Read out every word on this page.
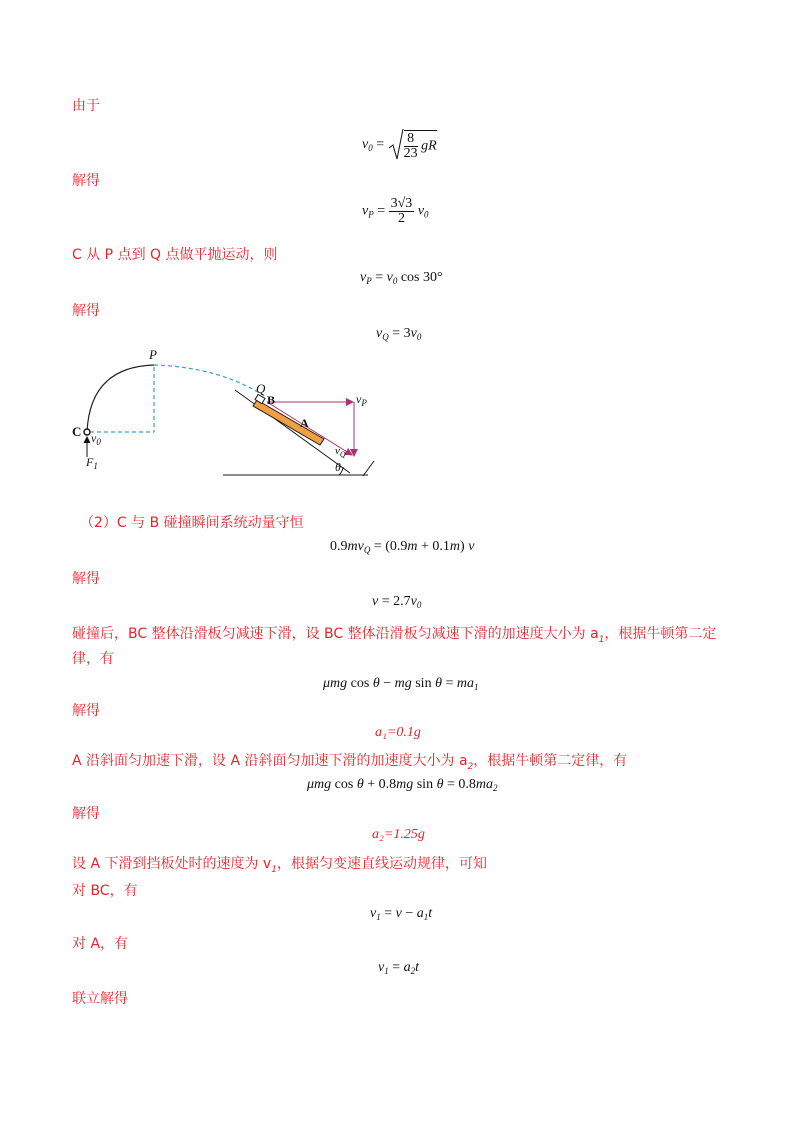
由于
$v_0 = \frac{8}{23}$ gR
解得
$v_P = \frac{3√3}{2} v_0$
C 从 P 点到 Q 点做平抛运动，则
$v_P = v_0$ cos 30°
解得
$v_Q = 3v_0$
P
Q
B
A
C
$v_P$
$v_0$
$v_Q$
$F_1$	θ
（2）C 与 B 碰撞瞬间系统动量守恒
$0.9mv_Q = (0.9m + 0.1m)$ v
解得
$v = 2.7v_0$
碰撞后，BC 整体沿滑板匀减速下滑，设 BC 整体沿滑板匀减速下滑的加速度大小为 $a_1$，根据牛顿第二定
律，有
μmg cos θ − mg $\sin \theta = ma_1$
解得
a₁=0.1g
A 沿斜面匀加速下滑，设 A 沿斜面匀加速下滑的加速度大小为 $a_2$，根据牛顿第二定律，有
μmg cos θ + 0.8mg $\sin \theta = 0.8ma_2$
解得
a₂=1.25g
设 A 下滑到挡板处时的速度为 $v_1$，根据匀变速直线运动规律，可知
对 BC，有
$v_1 = v - a_1t$
对 A，有
$v_1 = a_2t$
联立解得
